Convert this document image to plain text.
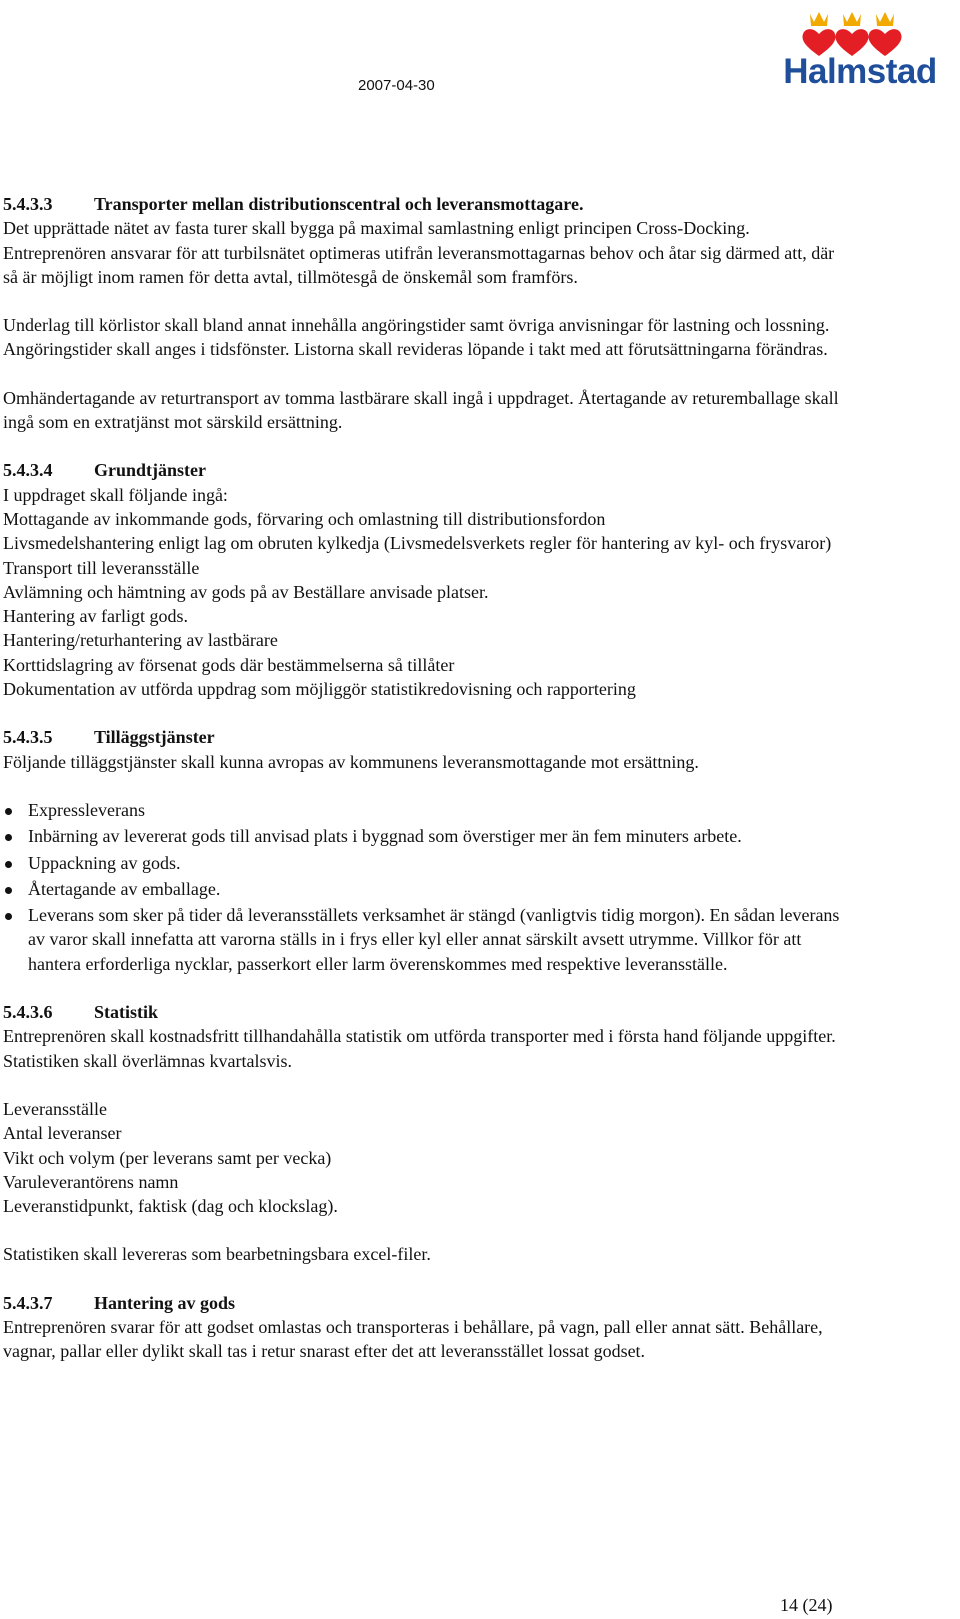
2007-04-30	Halmstad
5.4.3.3 Transporter mellan distributionscentral och leveransmottagare.

Det upprättade nätet av fasta turer skall bygga på maximal samlastning enligt principen Cross-Docking. Entreprenören ansvarar för att turbilsnätet optimeras utifrån leveransmottagarnas behov och åtar sig därmed att, där så är möjligt inom ramen för detta avtal, tillmötesgå de önskemål som framförs.

Underlag till körlistor skall bland annat innehålla angöringstider samt övriga anvisningar för lastning och lossning. Angöringstider skall anges i tidsfönster. Listorna skall revideras löpande i takt med att förutsättningarna förändras.

Omhändertagande av returtransport av tomma lastbärare skall ingå i uppdraget. Återtagande av returemballage skall ingå som en extratjänst mot särskild ersättning.

5.4.3.4 Grundtjänster
I uppdraget skall följande ingå:
Mottagande av inkommande gods, förvaring och omlastning till distributionsfordon
Livsmedelshantering enligt lag om obruten kylkedja (Livsmedelsverkets regler för hantering av kyl- och frysvaror)
Transport till leveransställe
Avlämning och hämtning av gods på av Beställare anvisade platser.
Hantering av farligt gods.
Hantering/returhantering av lastbärare
Korttidslagring av försenat gods där bestämmelserna så tillåter
Dokumentation av utförda uppdrag som möjliggör statistikredovisning och rapportering
5.4.3.5 Tilläggstjänster

Följande tilläggstjänster skall kunna avropas av kommunens leveransmottagande mot ersättning.

Expressleverans
Inbärning av levererat gods till anvisad plats i byggnad som överstiger mer än fem minuters arbete.
Uppackning av gods.
Återtagande av emballage.
Leverans som sker på tider då leveransställets verksamhet är stängd (vanligtvis tidig morgon). En sådan leverans av varor skall innefatta att varorna ställs in i frys eller kyl eller annat särskilt avsett utrymme. Villkor för att hantera erforderliga nycklar, passerkort eller larm överenskommes med respektive leveransställe.
5.4.3.6 Statistik

Entreprenören skall kostnadsfritt tillhandahålla statistik om utförda transporter med i första hand följande uppgifter. Statistiken skall överlämnas kvartalsvis.

Leveransställe
Antal leveranser
Vikt och volym (per leverans samt per vecka)
Varuleverantörens namn
Leveranstidpunkt, faktisk (dag och klockslag).

Statistiken skall levereras som bearbetningsbara excel-filer.

5.4.3.7 Hantering av gods

Entreprenören svarar för att godset omlastas och transporteras i behållare, på vagn, pall eller annat sätt. Behållare, vagnar, pallar eller dylikt skall tas i retur snarast efter det att leveransstället lossat godset.

14 (24)
